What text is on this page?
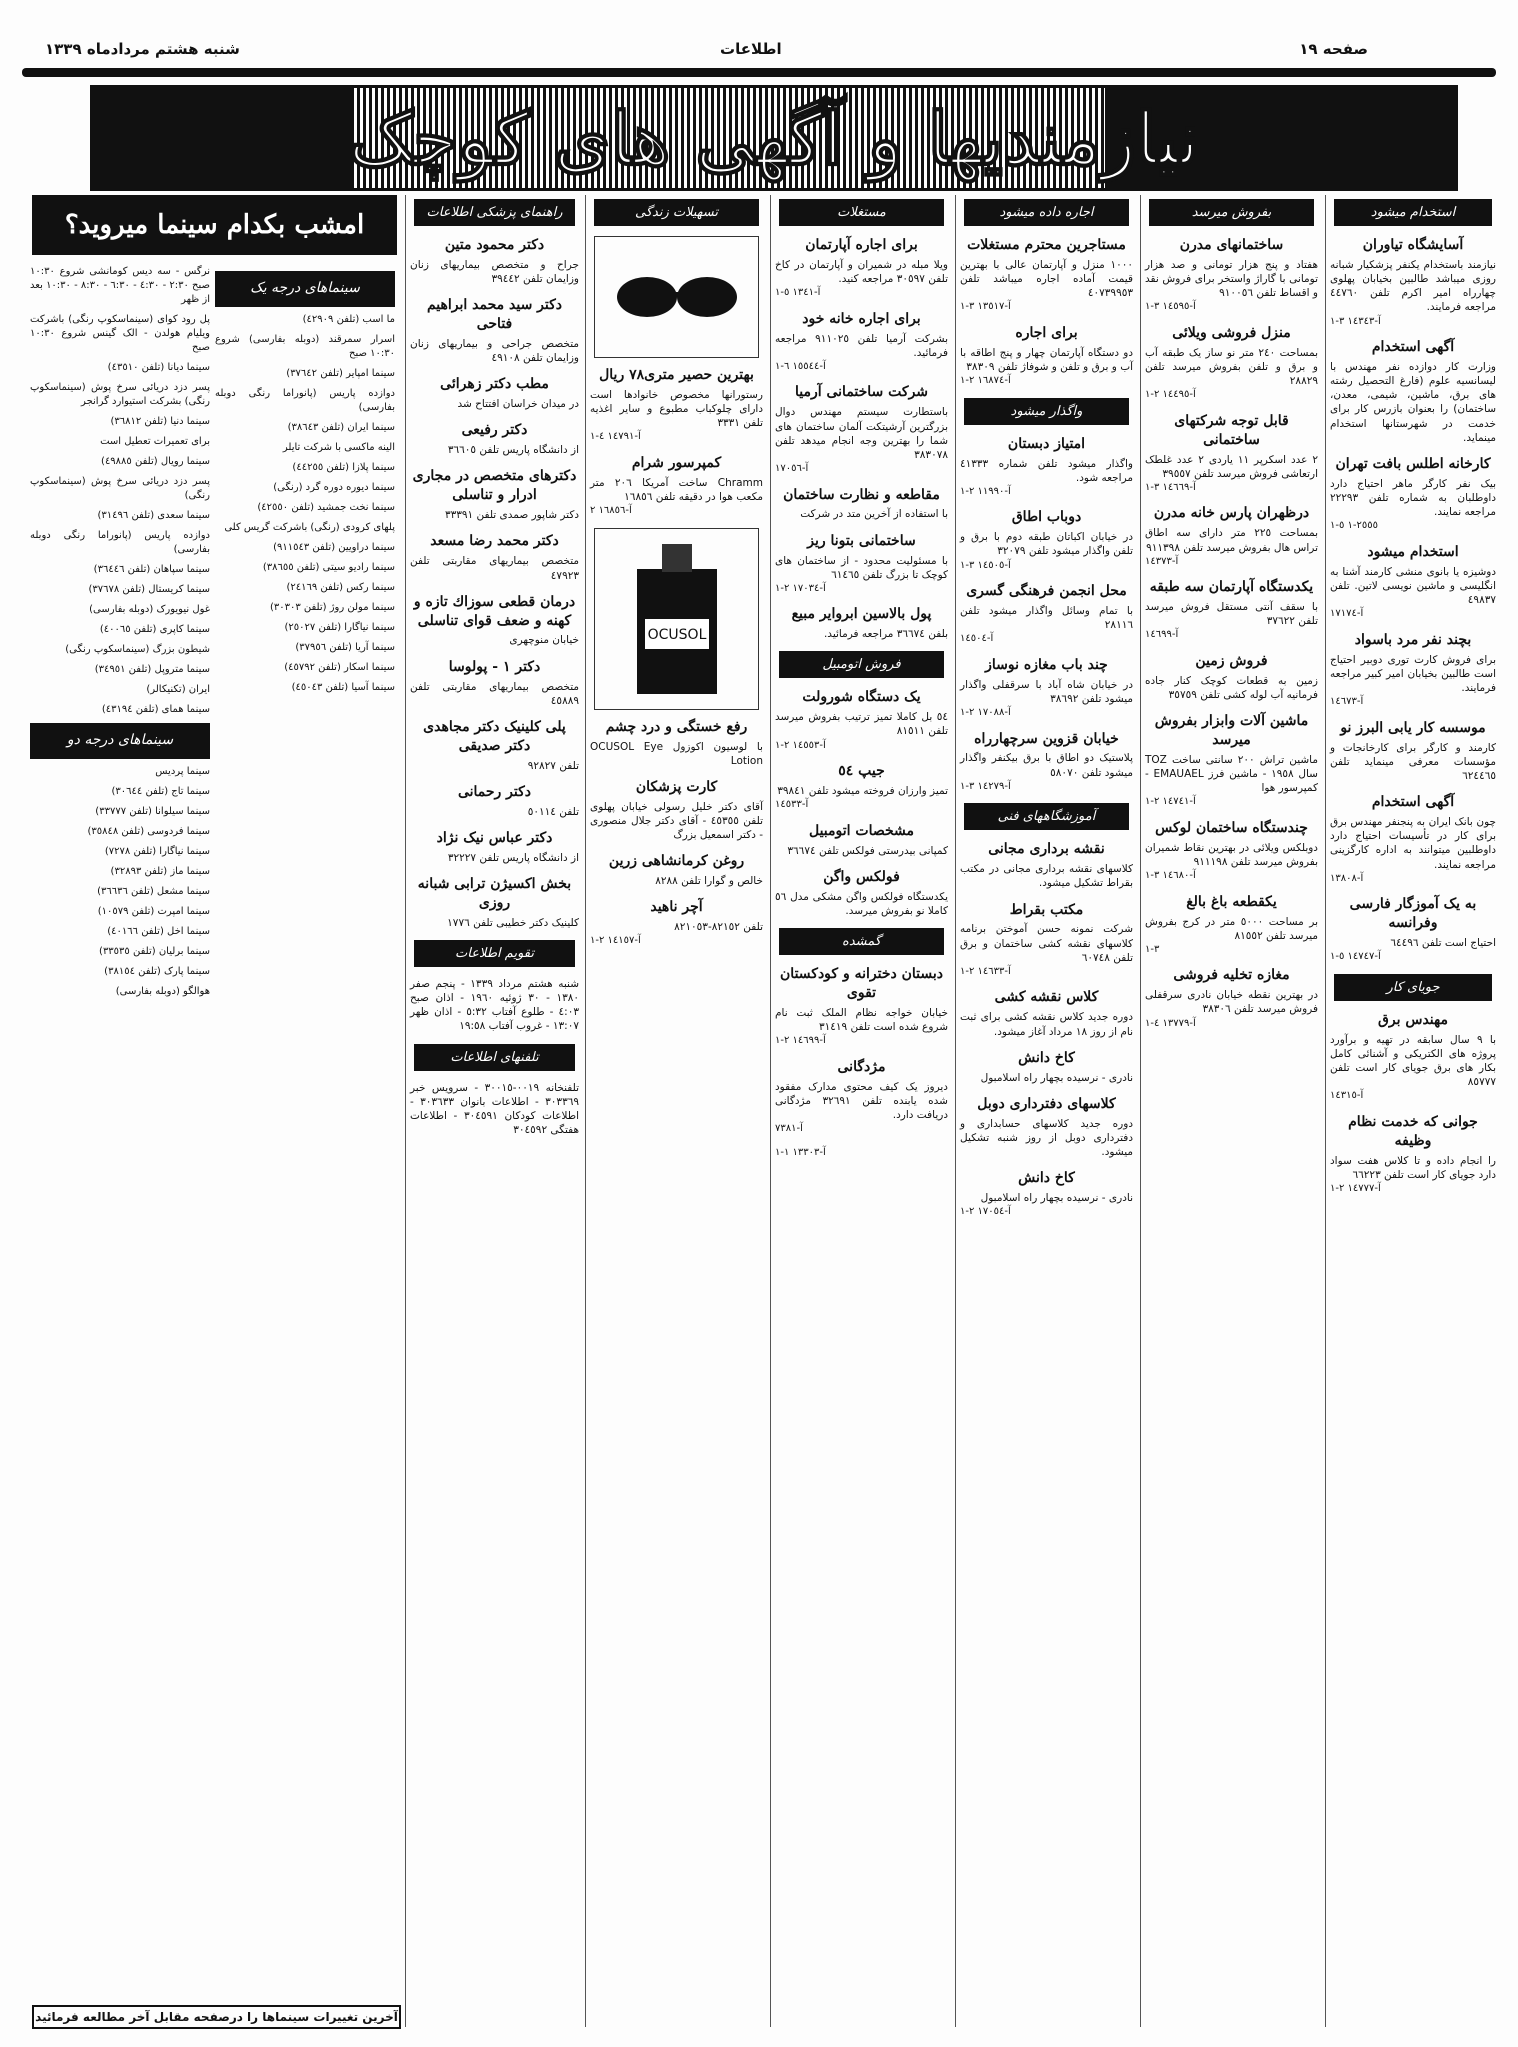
صفحه ١٩
اطلاعات
شنبه هشتم مردادماه ١٣٣٩
نیازمندیها و آگهی های کوچک
استخدام میشود
آسایشگاه تیاوران
نیازمند باستخدام یکنفر پزشکیار شبانه روزی میباشد طالبین بخیابان پهلوی چهارراه امیر اکرم تلفن ٤٤٧٦٠ مراجعه فرمایند.
آ-١٤٣٤٣ ٣-١
آگهی استخدام
وزارت کار دوازده نفر مهندس با لیسانسیه علوم (فارغ التحصیل رشته های برق، ماشین، شیمی، معدن، ساختمان) را بعنوان بازرس کار برای خدمت در شهرستانها استخدام مینماید.
کارخانه اطلس بافت تهران
بیک نفر کارگر ماهر احتیاج دارد داوطلبان به شماره تلفن ٢٢٢٩٣ مراجعه نمایند.
٢٥٥٥-١ ٥-١
استخدام میشود
دوشیزه یا بانوی منشی کارمند آشنا به انگلیسی و ماشین نویسی لاتین. تلفن ٤٩٨٣٧
آ-١٧١٧٤
بچند نفر مرد باسواد
برای فروش کارت توری دوبیر احتیاج است طالبین بخیابان امیر کبیر مراجعه فرمایند.
آ-١٤٦٧٣
موسسه کار یابی البرز نو
کارمند و کارگر برای کارخانجات و مؤسسات معرفی مینماید تلفن ٦٢٤٤٦٥
آگهی استخدام
چون بانک ایران به پنجنفر مهندس برق برای کار در تأسیسات احتیاج دارد داوطلبین میتوانند به اداره کارگزینی مراجعه نمایند.
آ-١٣٨٠٨
به یک آموزگار فارسی وفرانسه
احتیاج است تلفن ٦٤٤٩٦
آ-١٤٧٤٧ ٥-١
جویای کار
مهندس برق
با ٩ سال سابقه در تهیه و برآورد پروژه های الکتریکی و آشنائی کامل بکار های برق جویای کار است تلفن ٨٥٧٧٧
آ-١٤٣١٥
جوانی که خدمت نظام وظیفه
را انجام داده و تا کلاس هفت سواد دارد جویای کار است تلفن ٦٦٢٢٣
آ-١٤٧٧٧ ٢-١
بفروش میرسد
ساختمانهای مدرن
هفتاد و پنج هزار تومانی و صد هزار تومانی با گاراژ واستخر برای فروش نقد و اقساط تلفن ٩١٠٠٥٦
آ-١٤٥٩٥ ٣-١
منزل فروشی ویلائی
بمساحت ٢٤٠ متر نو ساز یک طبقه آب و برق و تلفن بفروش میرسد تلفن ٢٨٨٢٩
آ-١٤٤٩٥ ٢-١
قابل توجه شرکتهای ساختمانی
٢ عدد اسکرپر ١١ یاردی ٢ عدد غلطک ارتعاشی فروش میرسد تلفن ٣٩٥٥٧
آ-١٤٦٦٩ ٣-١
درظهران پارس خانه مدرن
بمساحت ٢٢٥ متر دارای سه اطاق تراس هال بفروش میرسد تلفن ٩١١٣٩٨
آ-١٤٣٧٣
یکدستگاه آپارتمان سه طبقه
با سقف آنتی مستقل فروش میرسد تلفن ٣٧٦٢٢
آ-١٤٦٩٩
فروش زمین
زمین به قطعات کوچک کنار جاده فرمانیه آب لوله کشی تلفن ٣٥٧٥٩
ماشین آلات وابزار بفروش میرسد
ماشین تراش ٢٠٠ سانتی ساخت TOZ سال ١٩٥٨ - ماشین فرز EMAUAEL - کمپرسور هوا
آ-١٤٧٤١ ٢-١
چندستگاه ساختمان لوکس
دوبلکس ویلائی در بهترین نقاط شمیران بفروش میرسد تلفن ٩١١١٩٨
آ-١٤٦٨٠ ٣-١
یکقطعه باغ بالغ
بر مساحت ٥٠٠٠ متر در کرج بفروش میرسد تلفن ٨١٥٥٢
٣-١
مغازه تخلیه فروشی
در بهترین نقطه خیابان نادری سرقفلی فروش میرسد تلفن ٣٨٣٠٦
آ-١٣٧٧٩ ٤-١
اجاره داده میشود
مستاجرین محترم مستغلات
١٠٠٠ منزل و آپارتمان عالی با بهترین قیمت آماده اجاره میباشد تلفن ٤٠٧٣٩٩٥٣
آ-١٣٥١٧ ٣-١
برای اجاره
دو دستگاه آپارتمان چهار و پنج اطاقه با آب و برق و تلفن و شوفاژ تلفن ٣٨٣٠٩
آ-١٦٨٧٤ ٢-١
واگذار میشود
امتیاز دبستان
واگذار میشود تلفن شماره ٤١٣٣٣ مراجعه شود.
آ-١١٩٩٠ ٢-١
دوباب اطاق
در خیابان اکباتان طبقه دوم با برق و تلفن واگذار میشود تلفن ٣٢٠٧٩
آ-١٤٥٠٥ ٣-١
محل انجمن فرهنگی گسری
با تمام وسائل واگذار میشود تلفن ٢٨١١٦
آ-١٤٥٠٤
چند باب مغازه نوساز
در خیابان شاه آباد با سرقفلی واگذار میشود تلفن ٣٨٦٩٢
آ-١٧٠٨٨ ٢-١
خیابان قزوین سرچهارراه
پلاستیک دو اطاق با برق بیکنفر واگذار میشود تلفن ٥٨٠٧٠
آ-١٤٢٧٩ ٣-١
آموزشگاههای فنی
نقشه برداری مجانی
کلاسهای نقشه برداری مجانی در مکتب بقراط تشکیل میشود.
مکتب بقراط
شرکت نمونه حسن آموختن برنامه کلاسهای نقشه کشی ساختمان و برق تلفن ٦٠٧٤٨
آ-١٤٦٣٣ ٢-١
کلاس نقشه کشی
دوره جدید کلاس نقشه کشی برای ثبت نام از روز ١٨ مرداد آغاز میشود.
کاخ دانش
نادری - نرسیده بچهار راه اسلامبول
کلاسهای دفترداری دوبل
دوره جدید کلاسهای حسابداری و دفترداری دوبل از روز شنبه تشکیل میشود.
کاخ دانش
نادری - نرسیده بچهار راه اسلامبول
آ-١٧٠٥٤ ٢-١
مستغلات
برای اجاره آپارتمان
ویلا مبله در شمیران و آپارتمان در کاخ تلفن ٣٠٥٩٧ مراجعه کنید.
آ-١٣٤١ ٥-١
برای اجاره خانه خود
بشرکت آرمیا تلفن ٩١١٠٢٥ مراجعه فرمائید.
آ-١٥٥٤٤ ٦-١
شرکت ساختمانی آرمیا
باستطارت سیستم مهندس دوال بزرگترین آرشیتکت آلمان ساختمان های شما را بهترین وجه انجام میدهد تلفن ٣٨٣٠٧٨
آ-١٧٠٥٦
مقاطعه و نظارت ساختمان
با استفاده از آخرین متد در شرکت
ساختمانی بتونا ریز
با مسئولیت محدود - از ساختمان های کوچک تا بزرگ تلفن ٦١٤٦٥
آ-١٧٠٣٤ ٢-١
پول بالاسین ابروایر مبیع
بلفن ٣٦٦٧٤ مراجعه فرمائید.
فروش اتومبیل
یک دستگاه شورولت
٥٤ بل کاملا تمیز ترتیب بفروش میرسد تلفن ٨١٥١١
آ-١٤٥٥٣ ٢-١
جیپ ٥٤
تمیز وارزان فروخته میشود تلفن ٣٩٨٤١
آ-١٤٥٣٣
مشخصات اتومبیل
کمپانی بیدرستی فولکس تلفن ٣٦٦٧٤
فولکس واگن
یکدستگاه فولکس واگن مشکی مدل ٥٦ کاملا نو بفروش میرسد.
گمشده
دبستان دخترانه و کودکستان تقوی
خیابان خواجه نظام الملک ثبت نام شروع شده است تلفن ٣١٤١٩
آ-١٤٦٩٩ ٢-١
مژدگانی
دیروز یک کیف محتوی مدارک مفقود شده یابنده تلفن ٣٢٦٩١ مژدگانی دریافت دارد.
آ-٧٣٨١
آ-١٣٣٠٣ ١-١
تسهیلات زندگی
بهترین حصیر متری٧٨ ریال
رستورانها مخصوص خانوادها است دارای چلوکباب مطبوع و سایر اغذیه تلفن ٣٣٣١
آ-١٤٧٩١ ٤-١
کمپرسور شرام
Chramm ساخت آمریکا ٢٠٦ متر مکعب هوا در دقیقه تلفن ١٦٨٥٦
آ-١٦٨٥٦ ٢
OCUSOL
رفع خستگی و درد چشم
با لوسیون اکوزول OCUSOL Eye Lotion
کارت پزشکان
آقای دکتر خلیل رسولی خیابان پهلوی تلفن ٤٥٣٥٥ - آقای دکتر جلال منصوری - دکتر اسمعیل بزرگ
روغن کرمانشاهی زرین
خالص و گوارا تلفن ٨٢٨٨
آچر ناهید
تلفن ٨٢١٥٢-٨٢١٠٥٣
آ-١٤١٥٧ ٢-١
راهنمای پزشکی اطلاعات
دکتر محمود متین
جراح و متخصص بیماریهای زنان وزایمان تلفن ٣٩٤٤٢
دکتر سید محمد ابراهیم فتاحی
متخصص جراحی و بیماریهای زنان وزایمان تلفن ٤٩١٠٨
مطب دکتر زهرائی
در میدان خراسان افتتاح شد
دکتر رفیعی
از دانشگاه پاریس تلفن ٣٦٦٠٥
دکترهای متخصص در مجاری ادرار و تناسلی
دکتر شاپور صمدی تلفن ٣٣٣٩١
دکتر محمد رضا مسعد
متخصص بیماریهای مقاربتی تلفن ٤٧٩٢٣
درمان قطعی سوزاك تازه و کهنه و ضعف قوای تناسلی
خیابان منوچهری
دکتر ١ - پولوسا
متخصص بیماریهای مقاربتی تلفن ٤٥٨٨٩
پلی کلینیک دکتر مجاهدی دکتر صدیقی
تلفن ٩٢٨٢٧
دکتر رحمانی
تلفن ٥٠١١٤
دکتر عباس نیک نژاد
از دانشگاه پاریس تلفن ٣٢٢٢٧
بخش اکسیژن ترابی شبانه روزی
کلینیک دکتر خطیبی تلفن ١٧٧٦
تقویم اطلاعات
شنبه هشتم مرداد ١٣٣٩ - پنجم صفر ١٣٨٠ - ٣٠ ژوئیه ١٩٦٠ - اذان صبح ٤:٠٣ - طلوع آفتاب ٥:٣٢ - اذان ظهر ١٣:٠٧ - غروب آفتاب ١٩:٥٨
تلفنهای اطلاعات
تلفنخانه ٠٠١٩-٣٠٠١٥ - سرویس خبر ٣٠٣٣٦٩ - اطلاعات بانوان ٣٠٣٦٣٣ - اطلاعات کودکان ٣٠٤٥٩١ - اطلاعات هفتگی ٣٠٤٥٩٢
امشب بکدام سینما میروید؟
سینماهای درجه یک

ما اسب (تلفن ٤٢٩٠٩)

اسرار سمرقند (دوبله بفارسی) شروع ١٠:٣٠ صبح

سینما امپایر (تلفن ٣٧٦٤٢)

دوازده پاریس (پانوراما رنگی دوبله بفارسی)

سینما ایران (تلفن ٣٨٦٤٣)

الینه ماکسی با شرکت تایلر

سینما پلازا (تلفن ٤٤٢٥٥)

سینما دیوره دوره گرد (رنگی)

سینما نخت جمشید (تلفن ٤٢٥٥٠)

پلهای کرودی (رنگی) باشرکت گریس کلی

سینما دراویین (تلفن ٩١١٥٤٣)

سینما رادیو سیتی (تلفن ٣٨٦٥٥)

سینما رکس (تلفن ٢٤١٦٩)

سینما مولن روژ (تلفن ٣٠٣٠٣)

سینما نیاگارا (تلفن ٢٥٠٢٧)

سینما آریا (تلفن ٣٧٩٥٦)

سینما اسکار (تلفن ٤٥٧٩٢)

سینما آسیا (تلفن ٤٥٠٤٣)

نرگس - سه دیس کومانشی شروع ١٠:٣٠ صبح ٢:٣٠ - ٤:٣٠ - ٦:٣٠ - ٨:٣٠ - ١٠:٣٠ بعد از ظهر

پل رود کوای (سینماسکوپ رنگی) باشرکت ویلیام هولدن - الک گینس شروع ١٠:٣٠ صبح

سینما دیانا (تلفن ٤٣٥١٠)

پسر دزد دریائی سرخ پوش (سینماسکوپ رنگی) بشرکت استیوارد گرانجر

سینما دنیا (تلفن ٣٦٨١٢)

برای تعمیرات تعطیل است

سینما رویال (تلفن ٤٩٨٨٥)

پسر دزد دریائی سرخ پوش (سینماسکوپ رنگی)

سینما سعدی (تلفن ٣١٤٩٦)

دوازده پاریس (پانوراما رنگی دوبله بفارسی)

سینما سپاهان (تلفن ٣٦٤٤٦)

سینما کریستال (تلفن ٣٧٦٧٨)

غول نیویورک (دوبله بفارسی)

سینما کاپری (تلفن ٤٠٠٦٥)

شیطون بزرگ (سینماسکوپ رنگی)

سینما متروپل (تلفن ٣٤٩٥١)

ایران (تکنیکالر)

سینما همای (تلفن ٤٣١٩٤)

سینماهای درجه دو

سینما پردیس

سینما تاج (تلفن ٣٠٦٤٤)

سینما سیلوانا (تلفن ٣٣٧٧٧)

سینما فردوسی (تلفن ٣٥٨٤٨)

سینما نیاگارا (تلفن ٧٢٧٨)

سینما ماز (تلفن ٣٢٨٩٣)

سینما مشعل (تلفن ٣٦٦٣٦)

سینما امپرت (تلفن ١٠٥٧٩)

سینما اخل (تلفن ٤٠١٦٦)

سینما برلیان (تلفن ٣٣٥٣٥)

سینما پارک (تلفن ٣٨١٥٤)

هوالگو (دوبله بفارسی)

آخرین تغییرات سینماها را درصفحه مقابل آخر مطالعه فرمائید
